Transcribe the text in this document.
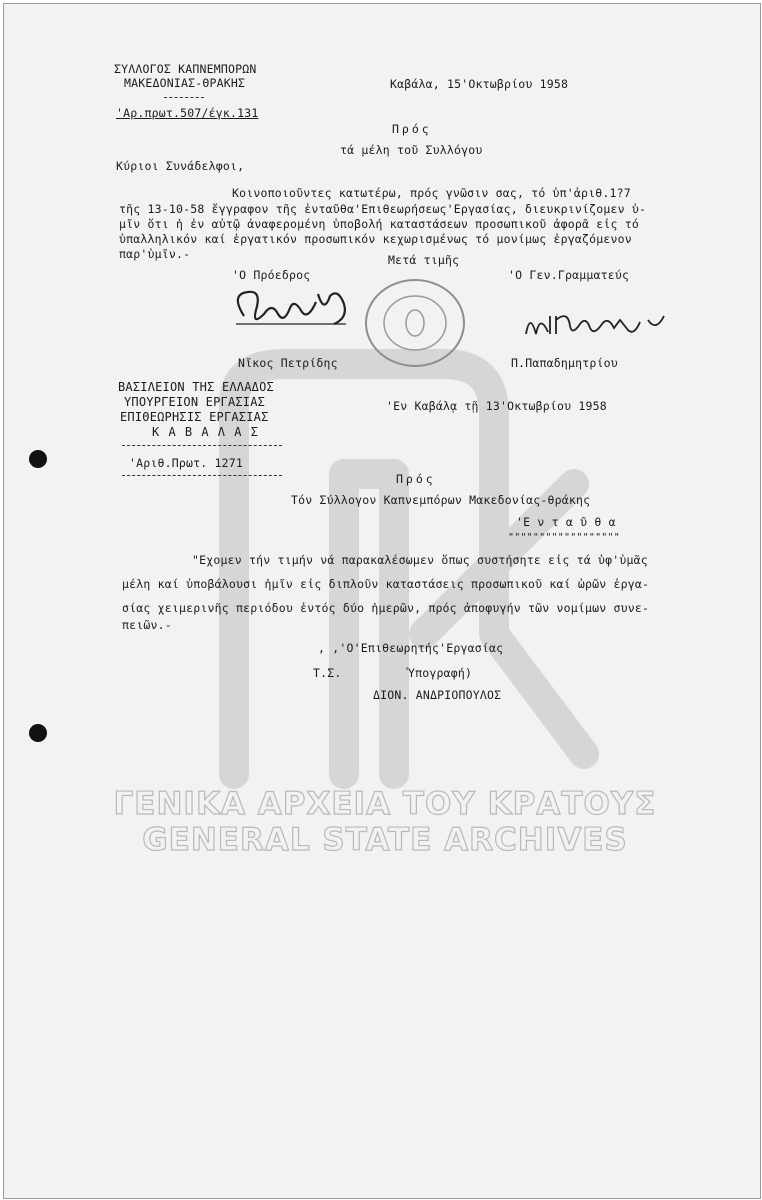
ΣΥΛΛΟΓΟΣ ΚΑΠΝΕΜΠΟΡΩΝ
ΜΑΚΕΔΟΝΙΑΣ-ΘΡΑΚΗΣ
'Αρ.πρωτ.507/έγκ.131
Καβάλα, 15'Οκτωβρίου 1958
Πρός
τά μέλη τοῦ Συλλόγου
Κύριοι Συνάδελφοι,
Κοινοποιοῦντες κατωτέρω, πρός γνῶσιν σας, τό ὑπ'ἀριθ.1?7
τῆς 13-10-58 ἔγγραφον τῆς ἐνταῦθα'Επιθεωρήσεως'Εργασίας, διευκρινίζομεν ὑ-
μῖν ὅτι ἡ ἐν αὐτῷ ἀναφερομένη ὑποβολή καταστάσεων προσωπικοῦ ἀφορᾶ εἰς τό
ὑπαλληλικόν καί ἐργατικόν προσωπικόν κεχωρισμένως τό μονίμως ἐργαζόμενον
παρ'ὑμῖν.-	Μετά τιμῆς
'Ο Πρόεδρος	'Ο Γεν.Γραμματεύς
Νῖκος Πετρίδης	Π.Παπαδημητρίου
ΒΑΣΙΛΕΙΟΝ ΤΗΣ ΕΛΛΑΔΟΣ
ΥΠΟΥΡΓΕΙΟΝ ΕΡΓΑΣΙΑΣ
ΕΠΙΘΕΩΡΗΣΙΣ ΕΡΓΑΣΙΑΣ
Κ Α Β Α Λ Α Σ
'Αριθ.Πρωτ. 1271
'Εν Καβάλᾳ τῇ 13'Οκτωβρίου 1958
Πρός
Τόν Σύλλογον Καπνεμπόρων Μακεδονίας-θράκης
'Ε ν τ α ῦ θ α
""""""""""""""""""
"Εχομεν τήν τιμήν νά παρακαλέσωμεν ὅπως συστήσητε εἰς τά ὑφ'ὑμᾶς
μέλη καί ὑποβάλουσι ἡμῖν εἰς διπλοῦν καταστάσεις προσωπικοῦ καί ὡρῶν ἐργα-
σίας χειμερινῆς περιόδου ἐντός δύο ἡμερῶν, πρός ἀποφυγήν τῶν νομίμων συνε-
πειῶν.-
, ,'Ο'Επιθεωρητής'Εργασίας
Τ.Σ.	Ὑπογραφή)
ΔΙΟΝ. ΑΝΔΡΙΟΠΟΥΛΟΣ
ΓΕΝΙΚΑ ΑΡΧΕΙΑ ΤΟΥ ΚΡΑΤΟΥΣ
GENERAL STATE ARCHIVES
